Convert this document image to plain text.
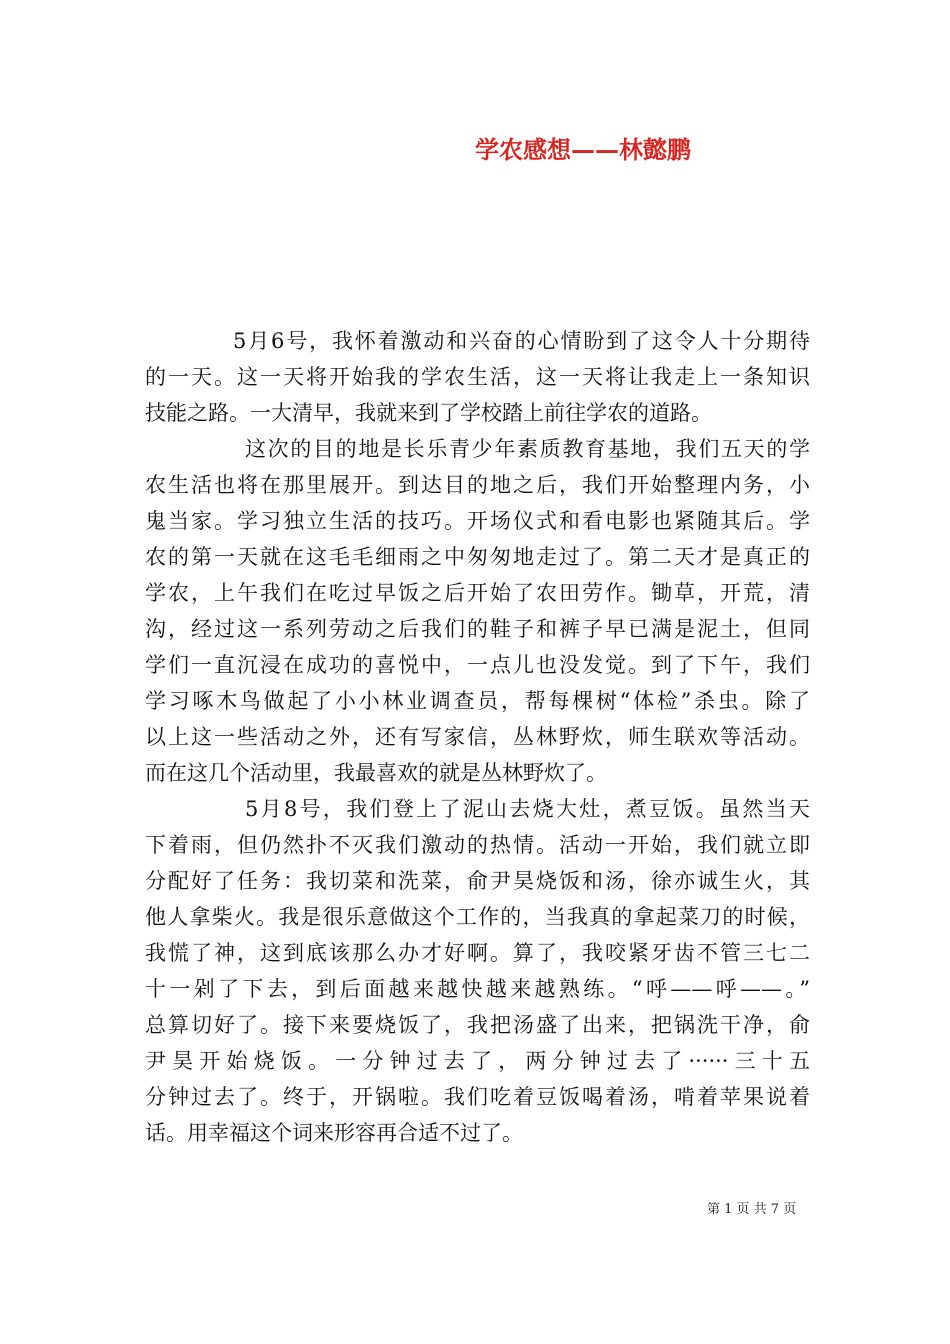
学农感想——林懿鹏
5月6号，我怀着激动和兴奋的心情盼到了这令人十分期待
的一天。这一天将开始我的学农生活，这一天将让我走上一条知识
技能之路。一大清早，我就来到了学校踏上前往学农的道路。
这次的目的地是长乐青少年素质教育基地，我们五天的学
农生活也将在那里展开。到达目的地之后，我们开始整理内务，小
鬼当家。学习独立生活的技巧。开场仪式和看电影也紧随其后。学
农的第一天就在这毛毛细雨之中匆匆地走过了。第二天才是真正的
学农，上午我们在吃过早饭之后开始了农田劳作。锄草，开荒，清
沟，经过这一系列劳动之后我们的鞋子和裤子早已满是泥土，但同
学们一直沉浸在成功的喜悦中，一点儿也没发觉。到了下午，我们
学习啄木鸟做起了小小林业调查员，帮每棵树“体检”杀虫。除了
以上这一些活动之外，还有写家信，丛林野炊，师生联欢等活动。
而在这几个活动里，我最喜欢的就是丛林野炊了。
5月8号，我们登上了泥山去烧大灶，煮豆饭。虽然当天
下着雨，但仍然扑不灭我们激动的热情。活动一开始，我们就立即
分配好了任务：我切菜和洗菜，俞尹昊烧饭和汤，徐亦诚生火，其
他人拿柴火。我是很乐意做这个工作的，当我真的拿起菜刀的时候，
我慌了神，这到底该那么办才好啊。算了，我咬紧牙齿不管三七二
十一剁了下去，到后面越来越快越来越熟练。“呼——呼——。”
总算切好了。接下来要烧饭了，我把汤盛了出来，把锅洗干净，俞
尹昊开始烧饭。一分钟过去了，两分钟过去了······三十五
分钟过去了。终于，开锅啦。我们吃着豆饭喝着汤，啃着苹果说着
话。用幸福这个词来形容再合适不过了。
第 1 页 共 7 页
